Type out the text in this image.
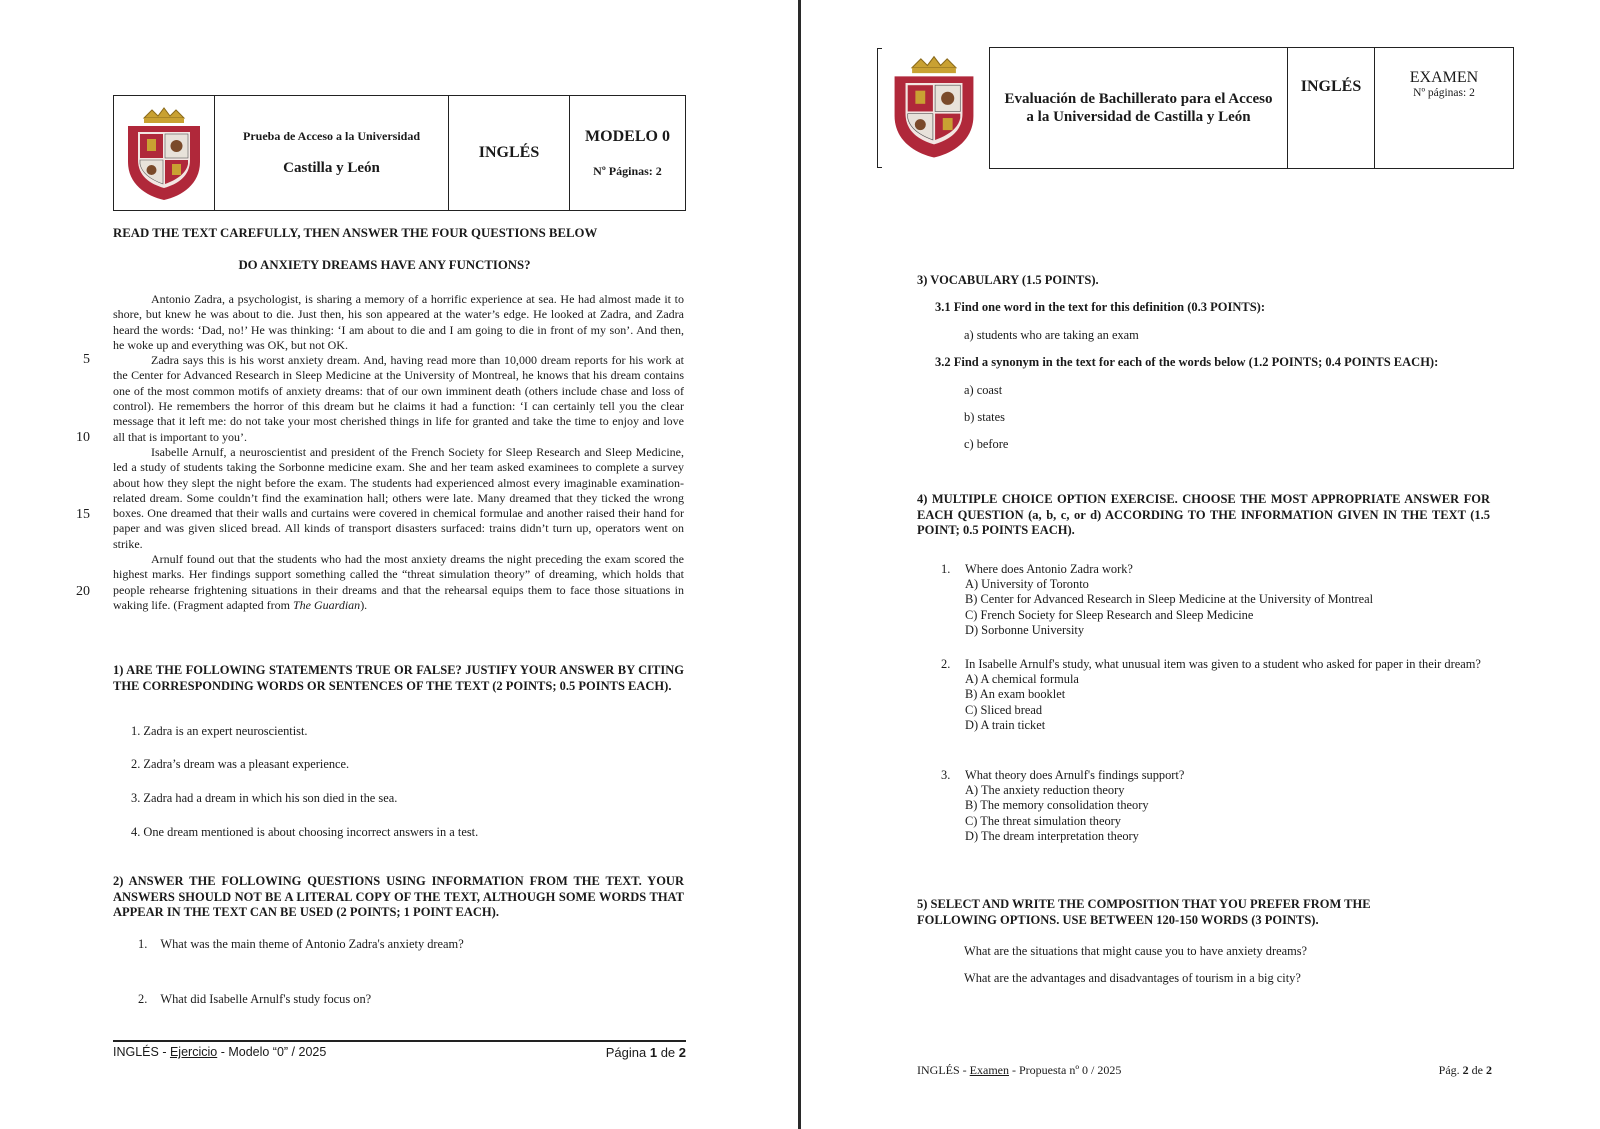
Prueba de Acceso a la Universidad
Castilla y León
INGLÉS
MODELO 0
Nº Páginas: 2
READ THE TEXT CAREFULLY, THEN ANSWER THE FOUR QUESTIONS BELOW
DO ANXIETY DREAMS HAVE ANY FUNCTIONS?

Antonio Zadra, a psychologist, is sharing a memory of a horrific experience at sea. He had almost made it to shore, but knew he was about to die. Just then, his son appeared at the water’s edge. He looked at Zadra, and Zadra heard the words: ‘Dad, no!’ He was thinking: ‘I am about to die and I am going to die in front of my son’. And then, he woke up and everything was OK, but not OK.

Zadra says this is his worst anxiety dream. And, having read more than 10,000 dream reports for his work at the Center for Advanced Research in Sleep Medicine at the University of Montreal, he knows that his dream contains one of the most common motifs of anxiety dreams: that of our own imminent death (others include chase and loss of control). He remembers the horror of this dream but he claims it had a function: ‘I can certainly tell you the clear message that it left me: do not take your most cherished things in life for granted and take the time to enjoy and love all that is important to you’.

Isabelle Arnulf, a neuroscientist and president of the French Society for Sleep Research and Sleep Medicine, led a study of students taking the Sorbonne medicine exam. She and her team asked examinees to complete a survey about how they slept the night before the exam. The students had experienced almost every imaginable examination-related dream. Some couldn’t find the examination hall; others were late. Many dreamed that they ticked the wrong boxes. One dreamed that their walls and curtains were covered in chemical formulae and another raised their hand for paper and was given sliced bread. All kinds of transport disasters surfaced: trains didn’t turn up, operators went on strike.

Arnulf found out that the students who had the most anxiety dreams the night preceding the exam scored the highest marks. Her findings support something called the “threat simulation theory” of dreaming, which holds that people rehearse frightening situations in their dreams and that the rehearsal equips them to face those situations in waking life. (Fragment adapted from The Guardian).

5
10
15
20
1) ARE THE FOLLOWING STATEMENTS TRUE OR FALSE? JUSTIFY YOUR ANSWER BY CITING THE CORRESPONDING WORDS OR SENTENCES OF THE TEXT (2 POINTS; 0.5 POINTS EACH).
1. Zadra is an expert neuroscientist.
2. Zadra’s dream was a pleasant experience.
3. Zadra had a dream in which his son died in the sea.
4. One dream mentioned is about choosing incorrect answers in a test.
2) ANSWER THE FOLLOWING QUESTIONS USING INFORMATION FROM THE TEXT. YOUR ANSWERS SHOULD NOT BE A LITERAL COPY OF THE TEXT, ALTHOUGH SOME WORDS THAT APPEAR IN THE TEXT CAN BE USED (2 POINTS; 1 POINT EACH).
1. What was the main theme of Antonio Zadra's anxiety dream?
2. What did Isabelle Arnulf's study focus on?
INGLÉS - Ejercicio - Modelo “0” / 2025	Página 1 de 2
Evaluación de Bachillerato para el Acceso a la Universidad de Castilla y León
INGLÉS
EXAMEN
Nº páginas: 2
3) VOCABULARY (1.5 POINTS).
3.1 Find one word in the text for this definition (0.3 POINTS):
a) students who are taking an exam
3.2 Find a synonym in the text for each of the words below (1.2 POINTS; 0.4 POINTS EACH):
a) coast
b) states
c) before
4) MULTIPLE CHOICE OPTION EXERCISE. CHOOSE THE MOST APPROPRIATE ANSWER FOR EACH QUESTION (a, b, c, or d) ACCORDING TO THE INFORMATION GIVEN IN THE TEXT (1.5 POINT; 0.5 POINTS EACH).
1. Where does Antonio Zadra work?
A) University of Toronto
B) Center for Advanced Research in Sleep Medicine at the University of Montreal
C) French Society for Sleep Research and Sleep Medicine
D) Sorbonne University
2.	In Isabelle Arnulf's study, what unusual item was given to a student who asked for paper in their dream?
A) A chemical formula
B) An exam booklet
C) Sliced bread
D) A train ticket
3. What theory does Arnulf's findings support?
A) The anxiety reduction theory
B) The memory consolidation theory
C) The threat simulation theory
D) The dream interpretation theory
5) SELECT AND WRITE THE COMPOSITION THAT YOU PREFER FROM THE FOLLOWING OPTIONS. USE BETWEEN 120-150 WORDS (3 POINTS).
What are the situations that might cause you to have anxiety dreams?
What are the advantages and disadvantages of tourism in a big city?
INGLÉS - Examen - Propuesta nº 0 / 2025	Pág. 2 de 2
